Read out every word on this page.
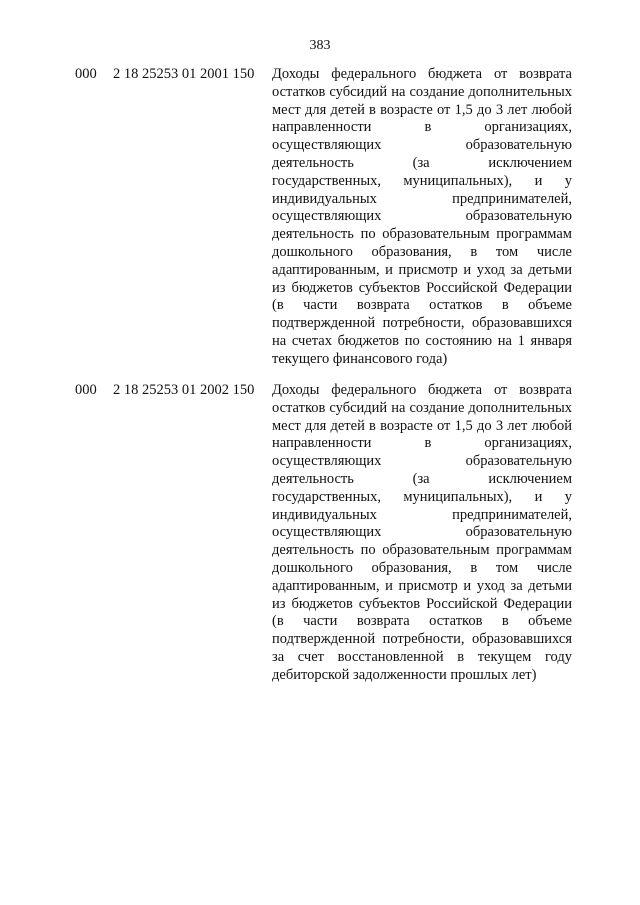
383
000 2 18 25253 01 2001 150 Доходы федерального бюджета от возврата остатков субсидий на создание дополнительных мест для детей в возрасте от 1,5 до 3 лет любой направленности в организациях, осуществляющих образовательную деятельность (за исключением государственных, муниципальных), и у индивидуальных предпринимателей, осуществляющих образовательную деятельность по образовательным программам дошкольного образования, в том числе адаптированным, и присмотр и уход за детьми из бюджетов субъектов Российской Федерации (в части возврата остатков в объеме подтвержденной потребности, образовавшихся на счетах бюджетов по состоянию на 1 января текущего финансового года)
000 2 18 25253 01 2002 150 Доходы федерального бюджета от возврата остатков субсидий на создание дополнительных мест для детей в возрасте от 1,5 до 3 лет любой направленности в организациях, осуществляющих образовательную деятельность (за исключением государственных, муниципальных), и у индивидуальных предпринимателей, осуществляющих образовательную деятельность по образовательным программам дошкольного образования, в том числе адаптированным, и присмотр и уход за детьми из бюджетов субъектов Российской Федерации (в части возврата остатков в объеме подтвержденной потребности, образовавшихся за счет восстановленной в текущем году дебиторской задолженности прошлых лет)
